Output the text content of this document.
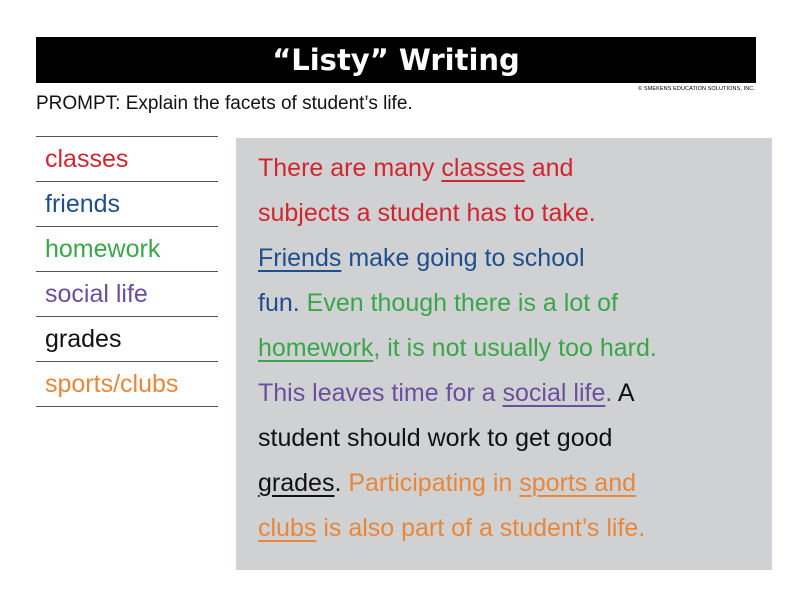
“Listy” Writing
© SMEKENS EDUCATION SOLUTIONS, INC.
PROMPT: Explain the facets of student’s life.
classes
friends
homework
social life
grades
sports/clubs
There are many classes and
subjects a student has to take.
Friends make going to school
fun. Even though there is a lot of
homework, it is not usually too hard.
This leaves time for a social life. A
student should work to get good
grades. Participating in sports and
clubs is also part of a student’s life.
